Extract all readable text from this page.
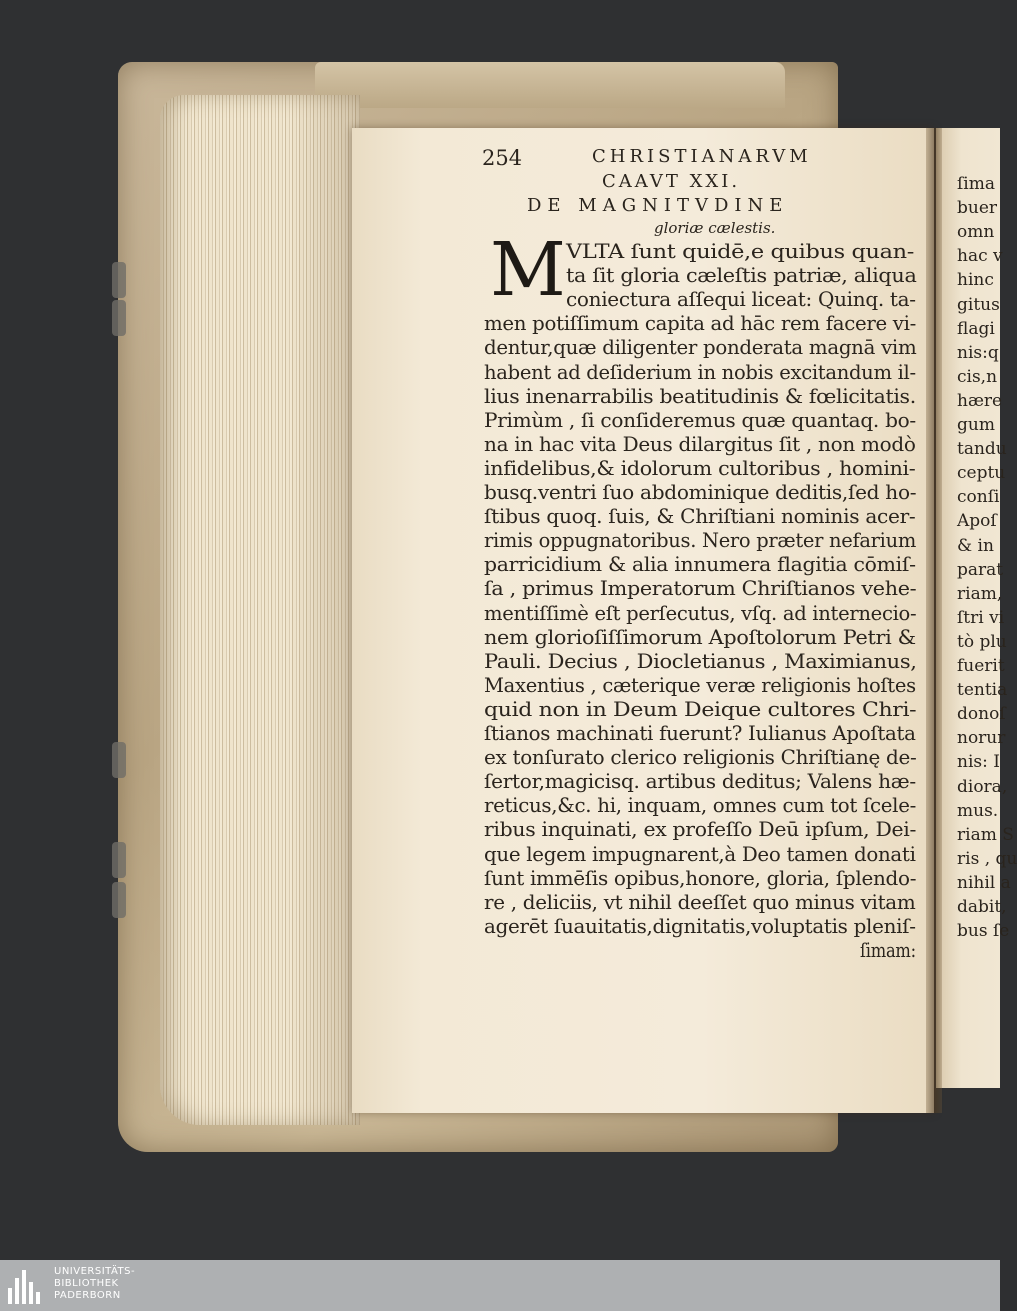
254	CHRISTIANARVM
CAAVT XXI.
DE MAGNITVDINE
gloriæ cælestis.
M VLTA ſunt quidē,e quibus quan-
ta ſit gloria cæleſtis patriæ, aliqua
coniectura aſſequi liceat: Quinq. ta-
men potiſſimum capita ad hāc rem facere vi-
dentur,quæ diligenter ponderata magnā vim
habent ad deſiderium in nobis excitandum il-
lius inenarrabilis beatitudinis & fœlicitatis.
Primùm , ſi conſideremus quæ quantaq. bo-
na in hac vita Deus dilargitus ſit , non modò
infidelibus,& idolorum cultoribus , homini-
busq.ventri ſuo abdominique deditis,ſed ho-
ſtibus quoq. ſuis, & Chriſtiani nominis acer-
rimis oppugnatoribus. Nero præter nefarium
parricidium & alia innumera flagitia cōmiſ-
ſa , primus Imperatorum Chriſtianos vehe-
mentiſſimè eſt perſecutus, vſq. ad internecio-
nem glorioſiſſimorum Apoſtolorum Petri &
Pauli. Decius , Diocletianus , Maximianus,
Maxentius , cæterique veræ religionis hoſtes
quid non in Deum Deique cultores Chri-
ſtianos machinati fuerunt? Iulianus Apoſtata
ex tonſurato clerico religionis Chriſtianę de-
ſertor,magicisq. artibus deditus; Valens hæ-
reticus,&c. hi, inquam, omnes cum tot ſcele-
ribus inquinati, ex profeſſo Deū ipſum, Dei-
que legem impugnarent,à Deo tamen donati
ſunt immēſis opibus,honore, gloria, ſplendo-
re , deliciis, vt nihil deeſſet quo minus vitam
agerēt ſuauitatis,dignitatis,voluptatis pleniſ-
ſimam:
ſima
buer
omn
hac v
hinc
gitus
flagi
nis:q
cis,n
hære
gum
tandu
ceptu
conſi
Apoſ
& in
parat
riam,
ſtri vi
tò plu
fuerit
tentia
donoſ
norur
nis: I
diora,
mus.
riam S
ris , qu
nihil a
dabit,
bus ſe
UNIVERSITÄTS-
BIBLIOTHEK
PADERBORN
